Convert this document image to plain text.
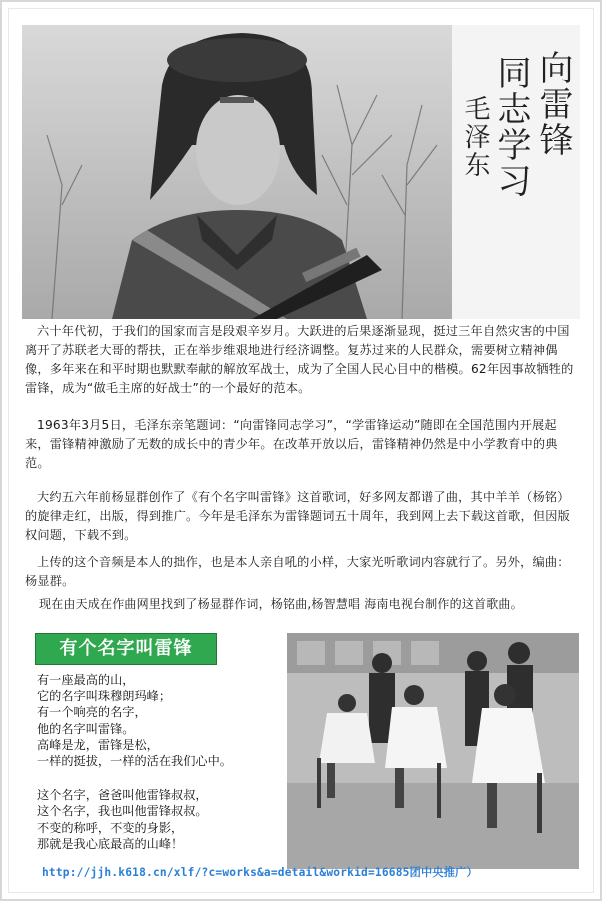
向雷锋
同志学习
毛泽东
六十年代初，于我们的国家而言是段艰辛岁月。大跃进的后果逐渐显现，挺过三年自然灾害的中国离开了苏联老大哥的帮扶，正在举步维艰地进行经济调整。复苏过来的人民群众，需要树立精神偶像，多年来在和平时期也默默奉献的解放军战士，成为了全国人民心目中的楷模。62年因事故牺牲的雷锋，成为“做毛主席的好战士”的一个最好的范本。
1963年3月5日，毛泽东亲笔题词：“向雷锋同志学习”，“学雷锋运动”随即在全国范围内开展起来，雷锋精神激励了无数的成长中的青少年。在改革开放以后，雷锋精神仍然是中小学教育中的典范。
大约五六年前杨显群创作了《有个名字叫雷锋》这首歌词，好多网友都谱了曲，其中羊羊（杨铭）的旋律走红，出版，得到推广。今年是毛泽东为雷锋题词五十周年，我到网上去下载这首歌，但因版权问题，下载不到。
上传的这个音频是本人的拙作，也是本人亲自吼的小样，大家光听歌词内容就行了。另外，编曲：杨显群。
现在由天成在作曲网里找到了杨显群作词，杨铭曲,杨智慧唱 海南电视台制作的这首歌曲。
有个名字叫雷锋
有一座最高的山，
它的名字叫珠穆朗玛峰；
有一个响亮的名字，
他的名字叫雷锋。
高峰是龙，雷锋是松，
一样的挺拔，一样的活在我们心中。
这个名字，爸爸叫他雷锋叔叔，
这个名字，我也叫他雷锋叔叔。
不变的称呼，不变的身影，
那就是我心底最高的山峰！
http://jjh.k618.cn/xlf/?c=works&a=detail&workid=16685团中央推广）
